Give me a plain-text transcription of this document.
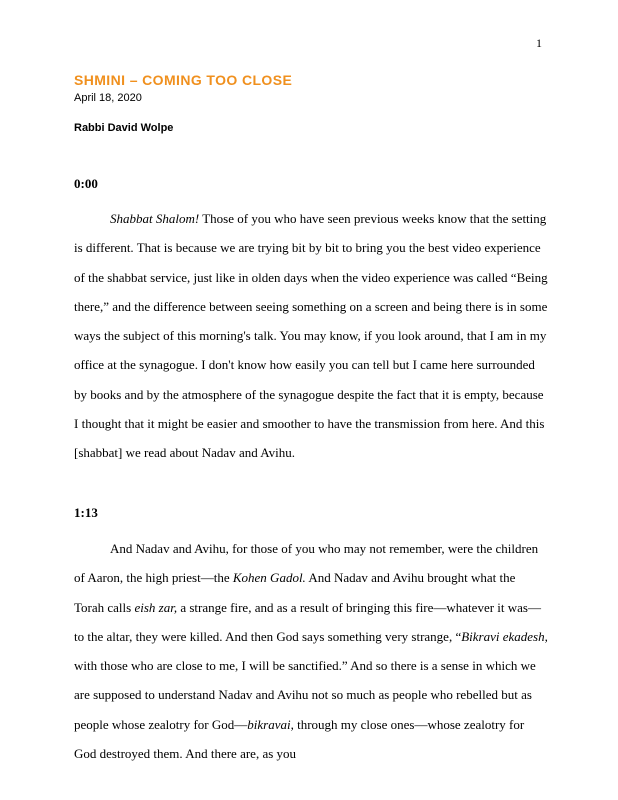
1
SHMINI – COMING TOO CLOSE
April 18, 2020
Rabbi David Wolpe
0:00

Shabbat Shalom! Those of you who have seen previous weeks know that the setting is different. That is because we are trying bit by bit to bring you the best video experience of the shabbat service, just like in olden days when the video experience was called “Being there,” and the difference between seeing something on a screen and being there is in some ways the subject of this morning's talk. You may know, if you look around, that I am in my office at the synagogue. I don't know how easily you can tell but I came here surrounded by books and by the atmosphere of the synagogue despite the fact that it is empty, because I thought that it might be easier and smoother to have the transmission from here. And this [shabbat] we read about Nadav and Avihu.

1:13

And Nadav and Avihu, for those of you who may not remember, were the children of Aaron, the high priest—the Kohen Gadol. And Nadav and Avihu brought what the Torah calls eish zar, a strange fire, and as a result of bringing this fire—whatever it was—to the altar, they were killed. And then God says something very strange, “Bikravi ekadesh, with those who are close to me, I will be sanctified.” And so there is a sense in which we are supposed to understand Nadav and Avihu not so much as people who rebelled but as people whose zealotry for God—bikravai, through my close ones—whose zealotry for God destroyed them. And there are, as you
